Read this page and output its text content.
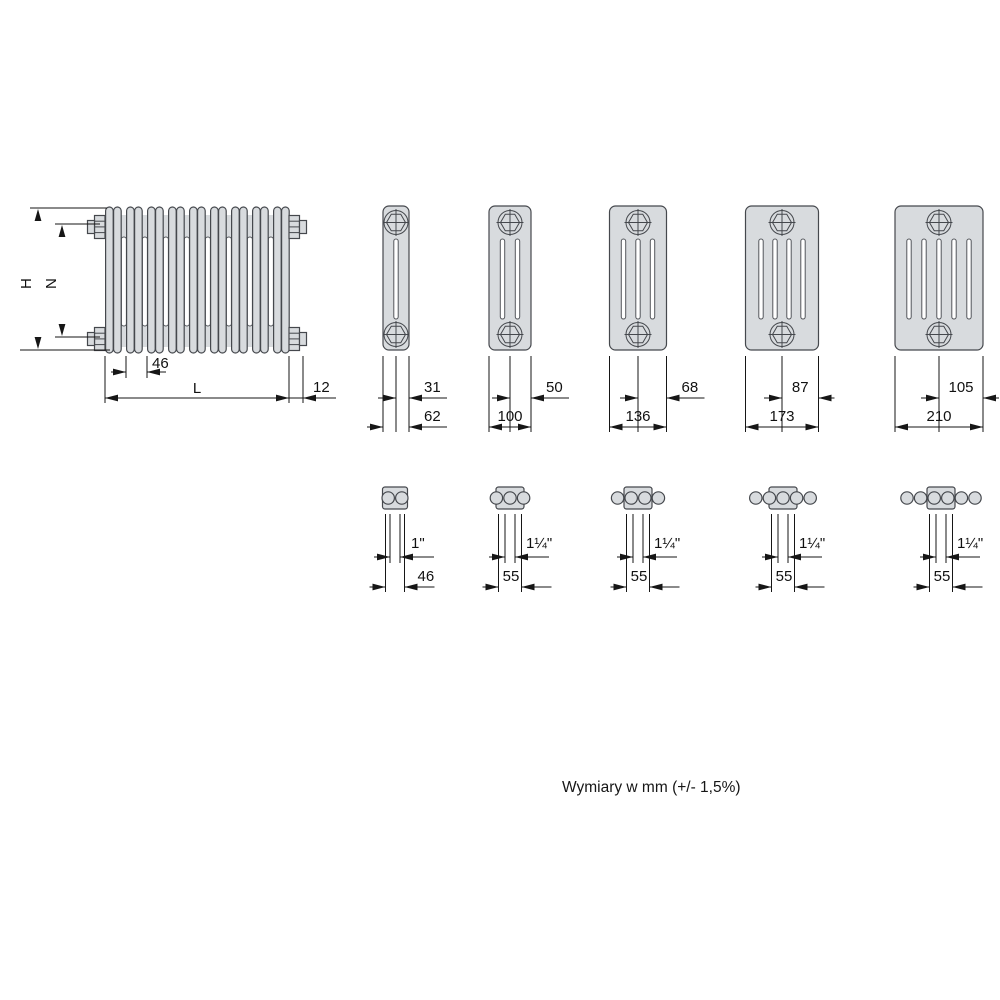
H N
46
L	12	31
62
50
100
68
136
87
173
105
210
1"
46
1¼"
55
1¼"
55
1¼"
55
1¼"
55
Wymiary w mm (+/- 1,5%)
